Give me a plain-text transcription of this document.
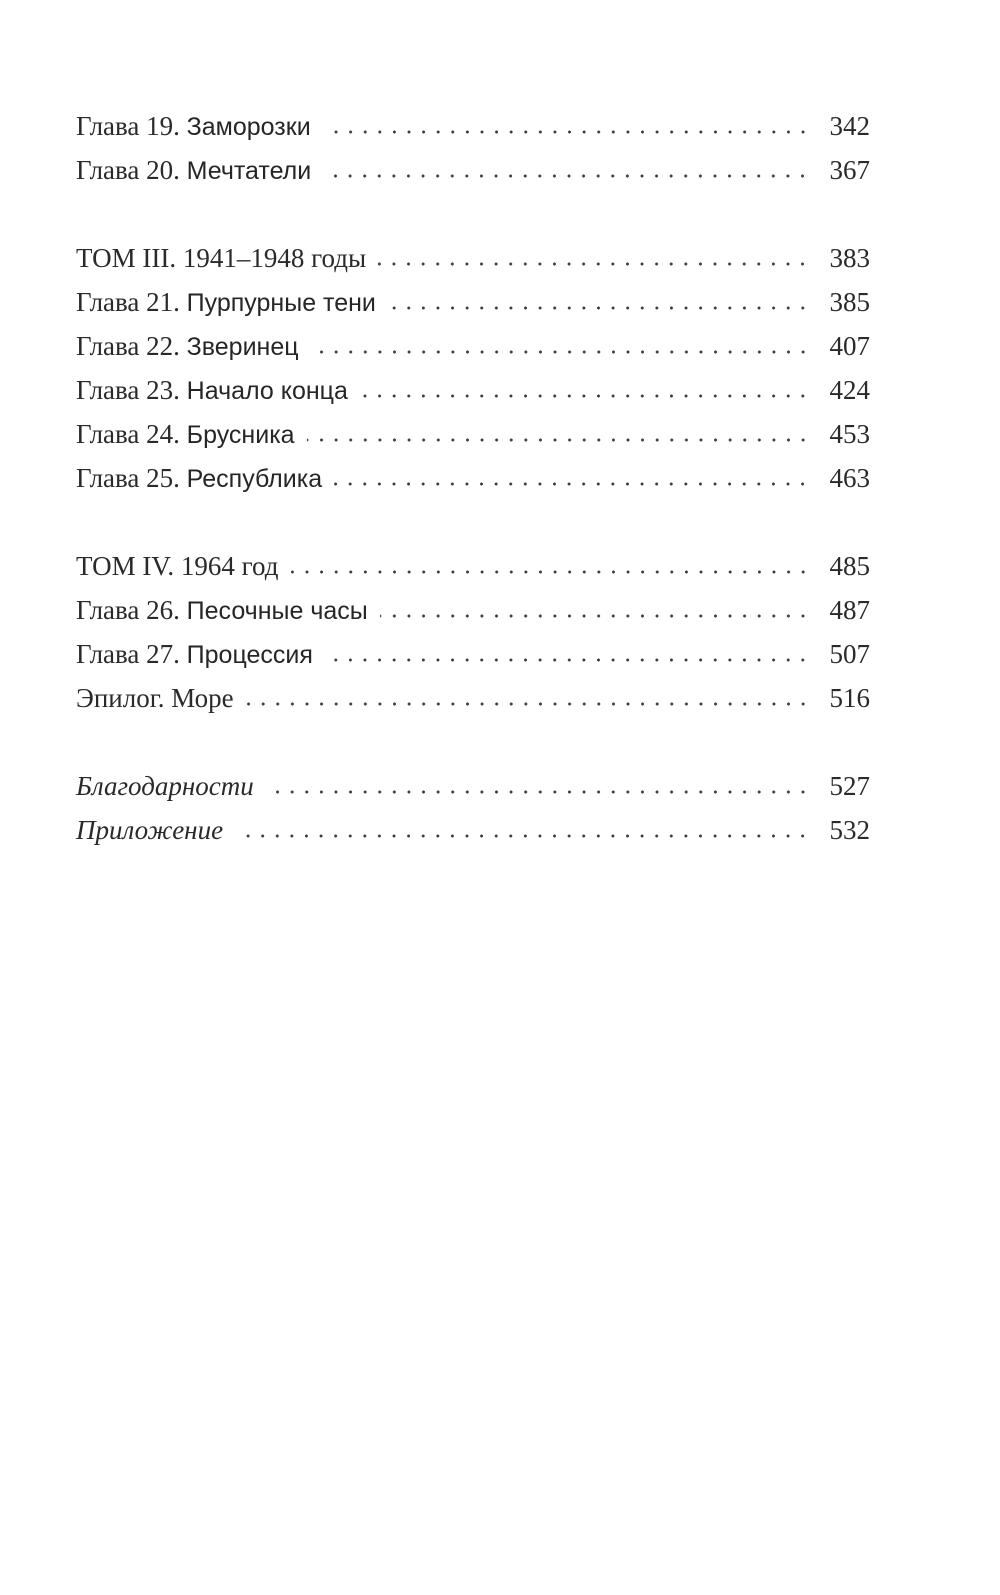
Глава 19. Заморозки	342
Глава 20. Мечтатели	367
ТОМ III. 1941–1948 годы	383
Глава 21. Пурпурные тени	385
Глава 22. Зверинец	407
Глава 23. Начало конца	424
Глава 24. Брусника	453
Глава 25. Республика	463
ТОМ IV. 1964 год	485
Глава 26. Песочные часы	487
Глава 27. Процессия	507
Эпилог. Море	516
Благодарности	527
Приложение	532
